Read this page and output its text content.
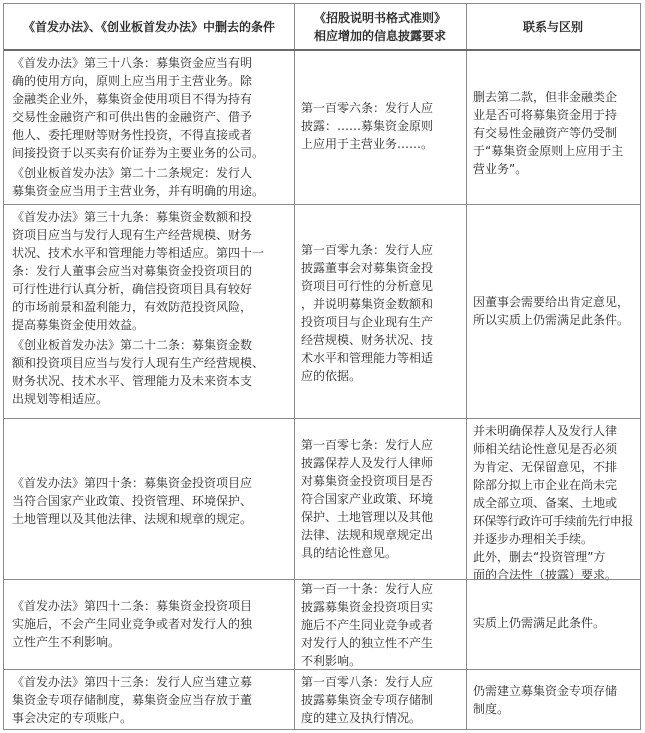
《首发办法》、《创业板首发办法》中删去的条件
《招股说明书格式准则》
相应增加的信息披露要求
联系与区别
《首发办法》第三十八条：募集资金应当有明
确的使用方向，原则上应当用于主营业务。除
金融类企业外，募集资金使用项目不得为持有
交易性金融资产和可供出售的金融资产、借予
他人、委托理财等财务性投资，不得直接或者
间接投资于以买卖有价证券为主要业务的公司。
《创业板首发办法》第二十二条规定：发行人
募集资金应当用于主营业务，并有明确的用途。
第一百零六条：发行人应
披露：……募集资金原则
上应用于主营业务……。
删去第二款，但非金融类企
业是否可将募集资金用于持
有交易性金融资产等仍受制
于“募集资金原则上应用于主
营业务”。
《首发办法》第三十九条：募集资金数额和投
资项目应当与发行人现有生产经营规模、财务
状况、技术水平和管理能力等相适应。第四十一
条：发行人董事会应当对募集资金投资项目的
可行性进行认真分析，确信投资项目具有较好
的市场前景和盈利能力，有效防范投资风险，
提高募集资金使用效益。
《创业板首发办法》第二十二条：募集资金数
额和投资项目应当与发行人现有生产经营规模、
财务状况、技术水平、管理能力及未来资本支
出规划等相适应。
第一百零九条：发行人应
披露董事会对募集资金投
资项目可行性的分析意见
，并说明募集资金数额和
投资项目与企业现有生产
经营规模、财务状况、技
术水平和管理能力等相适
应的依据。
因董事会需要给出肯定意见，
所以实质上仍需满足此条件。
《首发办法》第四十条：募集资金投资项目应
当符合国家产业政策、投资管理、环境保护、
土地管理以及其他法律、法规和规章的规定。
第一百零七条：发行人应
披露保荐人及发行人律师
对募集资金投资项目是否
符合国家产业政策、环境
保护、土地管理以及其他
法律、法规和规章规定出
具的结论性意见。
并未明确保荐人及发行人律
师相关结论性意见是否必须
为肯定、无保留意见，不排
除部分拟上市企业在尚未完
成全部立项、备案、土地或
环保等行政许可手续前先行申报
并逐步办理相关手续。
此外，删去“投资管理”方
面的合法性（披露）要求。
《首发办法》第四十二条：募集资金投资项目
实施后，不会产生同业竞争或者对发行人的独
立性产生不利影响。
第一百一十条：发行人应
披露募集资金投资项目实
施后不产生同业竞争或者
对发行人的独立性不产生
不利影响。
实质上仍需满足此条件。
《首发办法》第四十三条：发行人应当建立募
集资金专项存储制度，募集资金应当存放于董
事会决定的专项账户。
第一百零八条：发行人应
披露募集资金专项存储制
度的建立及执行情况。
仍需建立募集资金专项存储
制度。
